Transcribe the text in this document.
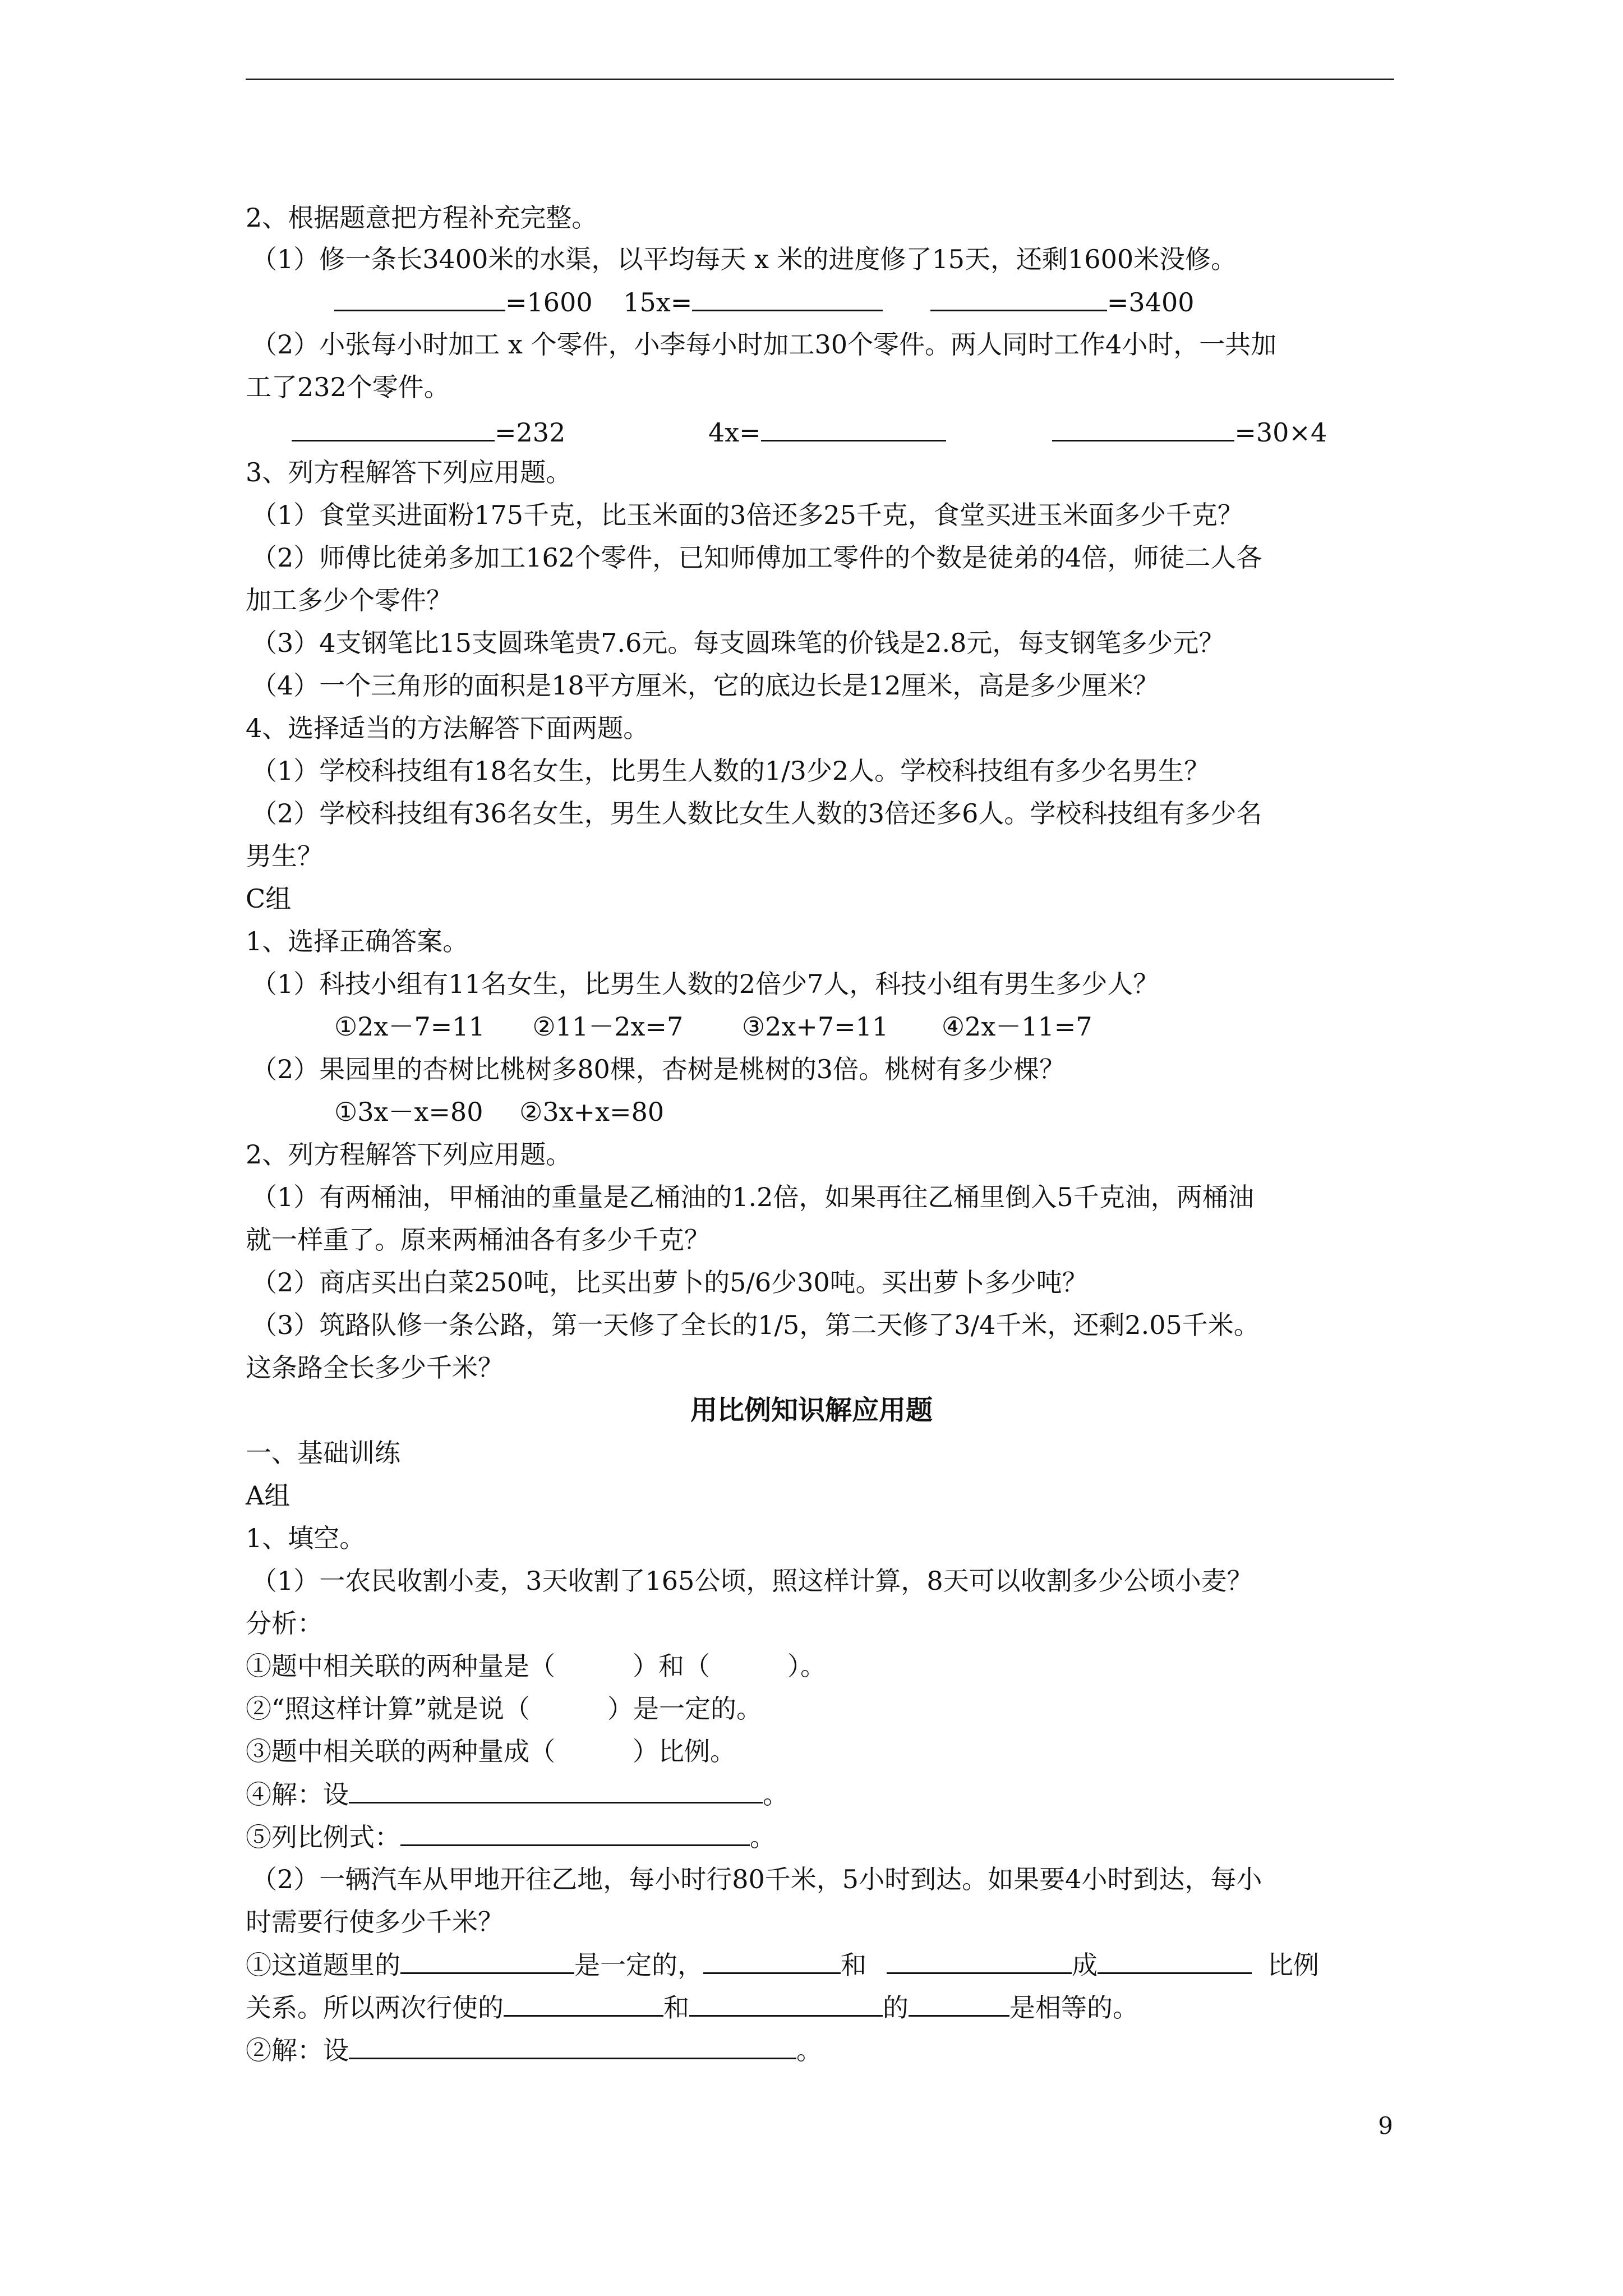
2、根据题意把方程补充完整。
（1）修一条长3400米的水渠，以平均每天 x 米的进度修了15天，还剩1600米没修。
=1600 15x=	=3400
（2）小张每小时加工 x 个零件，小李每小时加工30个零件。两人同时工作4小时，一共加
工了232个零件。
=232	4x=	=30×4
3、列方程解答下列应用题。
（1）食堂买进面粉175千克，比玉米面的3倍还多25千克，食堂买进玉米面多少千克？
（2）师傅比徒弟多加工162个零件，已知师傅加工零件的个数是徒弟的4倍，师徒二人各
加工多少个零件？
（3）4支钢笔比15支圆珠笔贵7.6元。每支圆珠笔的价钱是2.8元，每支钢笔多少元？
（4）一个三角形的面积是18平方厘米，它的底边长是12厘米，高是多少厘米？
4、选择适当的方法解答下面两题。
（1）学校科技组有18名女生，比男生人数的1/3少2人。学校科技组有多少名男生？
（2）学校科技组有36名女生，男生人数比女生人数的3倍还多6人。学校科技组有多少名
男生？
C组
1、选择正确答案。
（1）科技小组有11名女生，比男生人数的2倍少7人，科技小组有男生多少人？
①2x－7=11 ②11－2x=7 ③2x+7=11 ④2x－11=7
（2）果园里的杏树比桃树多80棵，杏树是桃树的3倍。桃树有多少棵？
①3x－x=80 ②3x+x=80
2、列方程解答下列应用题。
（1）有两桶油，甲桶油的重量是乙桶油的1.2倍，如果再往乙桶里倒入5千克油，两桶油
就一样重了。原来两桶油各有多少千克？
（2）商店买出白菜250吨，比买出萝卜的5/6少30吨。买出萝卜多少吨？
（3）筑路队修一条公路，第一天修了全长的1/5，第二天修了3/4千米，还剩2.05千米。
这条路全长多少千米？
用比例知识解应用题
一、基础训练
A组
1、填空。
（1）一农民收割小麦，3天收割了165公顷，照这样计算，8天可以收割多少公顷小麦？
分析：
①题中相关联的两种量是（　　　）和（　　　）。
②“照这样计算”就是说（　　　）是一定的。
③题中相关联的两种量成（　　　）比例。
④解：设	。
⑤列比例式：	。
（2）一辆汽车从甲地开往乙地，每小时行80千米，5小时到达。如果要4小时到达，每小
时需要行使多少千米？
①这道题里的	是一定的，	和	成	比例
关系。所以两次行使的	和	的	是相等的。
②解：设	。
9
